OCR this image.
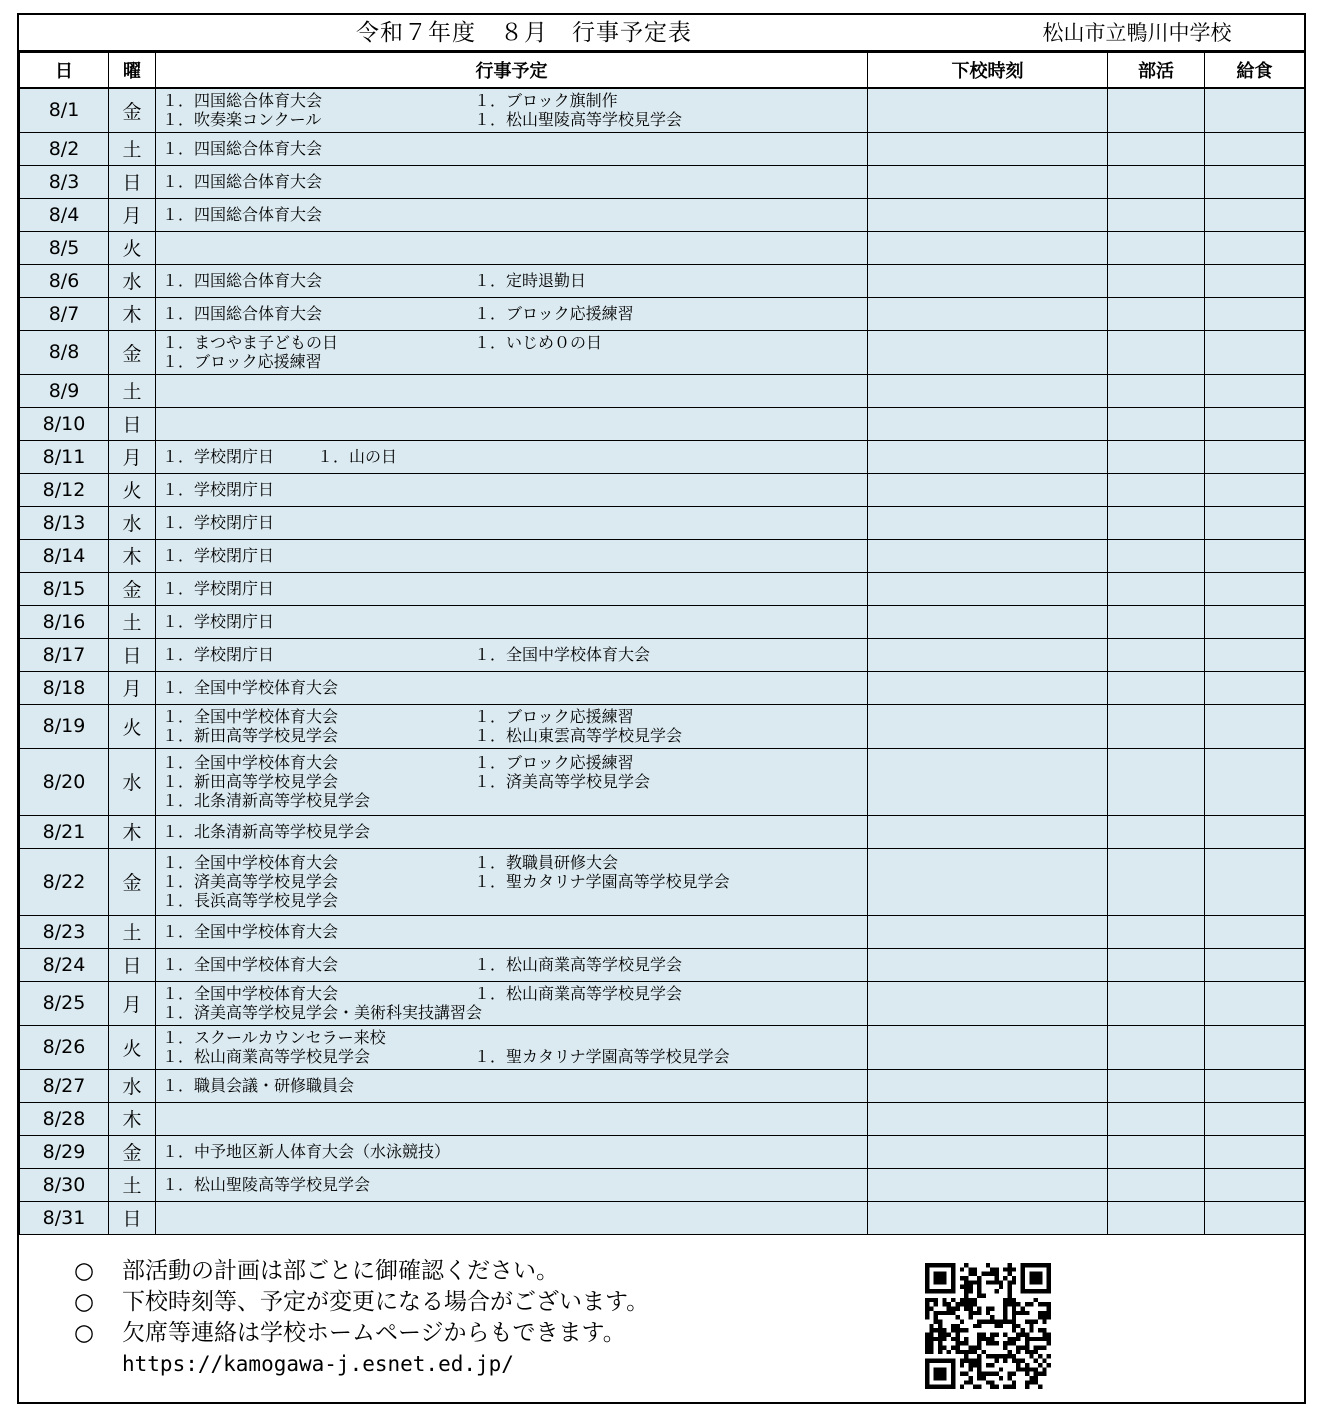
令和７年度　８月　行事予定表	松山市立鴨川中学校
日	曜	行事予定	下校時刻	部活	給食
8/1	金	１．四国総合体育大会 １．ブロック旗制作
１．吹奏楽コンクール １．松山聖陵高等学校見学会			

8/2	土	１．四国総合体育大会			

8/3	日	１．四国総合体育大会			

8/4	月	１．四国総合体育大会			

8/5	火	

8/6	水	１．四国総合体育大会 １．定時退勤日			

8/7	木	１．四国総合体育大会 １．ブロック応援練習			

8/8	金	１．まつやま子どもの日 １．いじめ０の日
１．ブロック応援練習			

8/9	土	

8/10	日	

8/11	月	１．学校閉庁日 １．山の日			

8/12	火	１．学校閉庁日			

8/13	水	１．学校閉庁日			

8/14	木	１．学校閉庁日			

8/15	金	１．学校閉庁日			

8/16	土	１．学校閉庁日			

8/17	日	１．学校閉庁日 １．全国中学校体育大会			

8/18	月	１．全国中学校体育大会			

8/19	火	１．全国中学校体育大会 １．ブロック応援練習
１．新田高等学校見学会 １．松山東雲高等学校見学会			

8/20	水	１．全国中学校体育大会 １．ブロック応援練習
１．新田高等学校見学会 １．済美高等学校見学会
１．北条清新高等学校見学会			

8/21	木	１．北条清新高等学校見学会			

8/22	金	１．全国中学校体育大会 １．教職員研修大会
１．済美高等学校見学会 １．聖カタリナ学園高等学校見学会
１．長浜高等学校見学会			

8/23	土	１．全国中学校体育大会			

8/24	日	１．全国中学校体育大会 １．松山商業高等学校見学会			

8/25	月	１．全国中学校体育大会 １．松山商業高等学校見学会
１．済美高等学校見学会・美術科実技講習会			

8/26	火	１．スクールカウンセラー来校
１．松山商業高等学校見学会 １．聖カタリナ学園高等学校見学会			

8/27	水	１．職員会議・研修職員会			

8/28	木	

8/29	金	１．中予地区新人体育大会（水泳競技）			

8/30	土	１．松山聖陵高等学校見学会			

8/31	日	

○ 部活動の計画は部ごとに御確認ください。
○ 下校時刻等、予定が変更になる場合がございます。
○ 欠席等連絡は学校ホームページからもできます。
https://kamogawa-j.esnet.ed.jp/
